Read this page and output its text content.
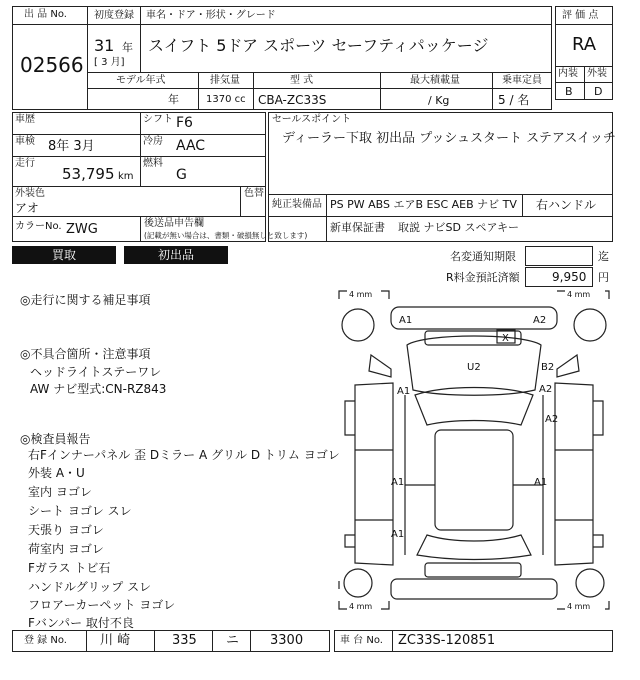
出 品 No.
02566
初度登録 車名・ドア・形状・グレード
31 年
[ 3 月]
スイフト 5ドア スポーツ セーフティパッケージ
モデル年式	排気量	型 式	最大積載量	乗車定員
年	1370 cc CBA-ZC33S	/ Kg	5 / 名
評 価 点
RA
内装 外装
B D
車歴
車検 8年 3月
走行
53,795 km
シフト F6
冷房 AAC
燃料
G
外装色
アオ
色替
カラーNo. ZWG	後送品申告欄
(記載が無い場合は、書類・破損無しと致します)
セールスポイント
ディーラー下取 初出品 プッシュスタート ステアスイッチ
純正装備品 PS PW ABS エアB ESC AEB ナビ TV 右ハンドル
新車保証書 取説 ナビSD スペアキー
買取	初出品	名変通知期限	迄
R料金預託済額	9,950 円
◎走行に関する補足事項
◎不具合箇所・注意事項
ヘッドライトステーワレ
AW ナビ型式:CN-RZ843
◎検査員報告
右Fインナーパネル 歪 Dミラー A グリル D トリム ヨゴレ
外装 A・U
室内 ヨゴレ
シート ヨゴレ スレ
天張り ヨゴレ
荷室内 ヨゴレ
Fガラス トビ石
ハンドルグリップ スレ
フロアーカーペット ヨゴレ
Fバンパー 取付不良
4 mm	4 mm
4 mm	4 mm
A1	A2
X
U2	B2
A1	A2
A2
A1
A1
A1
登 録 No.	川 崎	335 ニ 3300	車 台 No. ZC33S-120851
